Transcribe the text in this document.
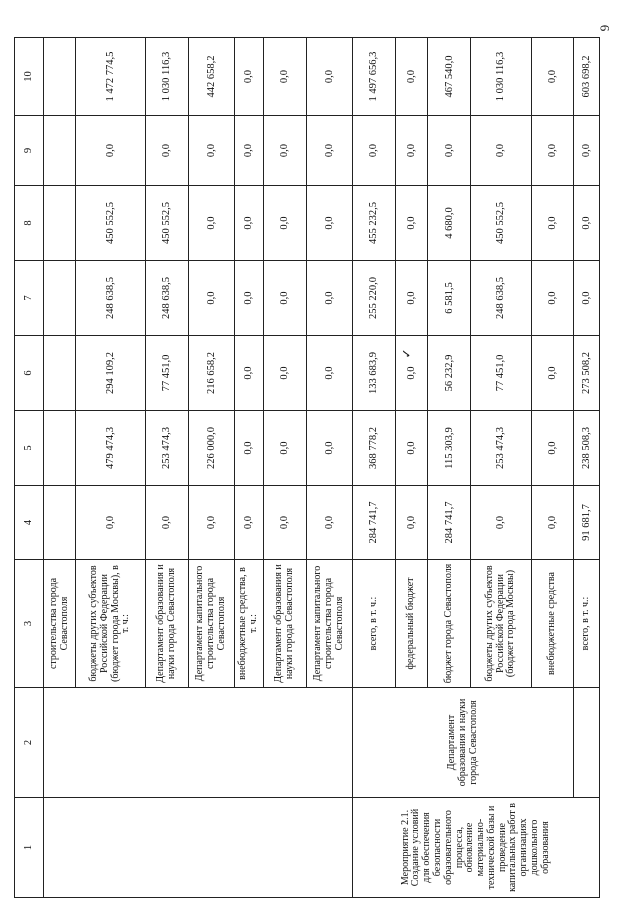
6
1	2	3	4	5	6	7	8	9	10
		строительства города Севастополя							
		бюджеты других субъектов Российской Федерации (бюджет города Москвы), в т. ч.:	0,0	479 474,3	294 109,2	248 638,5	450 552,5	0,0	1 472 774,5
		Департамент образования и науки города Севастополя	0,0	253 474,3	77 451,0	248 638,5	450 552,5	0,0	1 030 116,3
		Департамент капитального строительства города Севастополя	0,0	226 000,0	216 658,2	0,0	0,0	0,0	442 658,2
		внебюджетные средства, в т. ч.:	0,0	0,0	0,0	0,0	0,0	0,0	0,0
		Департамент образования и науки города Севастополя	0,0	0,0	0,0	0,0	0,0	0,0	0,0
		Департамент капитального строительства города Севастополя	0,0	0,0	0,0	0,0	0,0	0,0	0,0
Мероприятие 2.1. Создание условий для обеспечения безопасности образовательного процесса, обновление материально-технической базы и проведение капитальных работ в организациях дошкольного образования	Департамент образования и науки города Севастополя	всего, в т. ч.:	284 741,7	368 778,2	133 683,9	255 220,0	455 232,5	0,0	1 497 656,3
		федеральный бюджет	0,0	0,0	0,0	0,0	0,0	0,0	0,0
		бюджет города Севастополя	284 741,7	115 303,9	56 232,9	6 581,5	4 680,0	0,0	467 540,0
		бюджеты других субъектов Российской Федерации (бюджет города Москвы)	0,0	253 474,3	77 451,0	248 638,5	450 552,5	0,0	1 030 116,3
		внебюджетные средства	0,0	0,0	0,0	0,0	0,0	0,0	0,0
		всего, в т. ч.:	91 681,7	238 508,3	273 508,2	0,0	0,0	0,0	603 698,2
✓
